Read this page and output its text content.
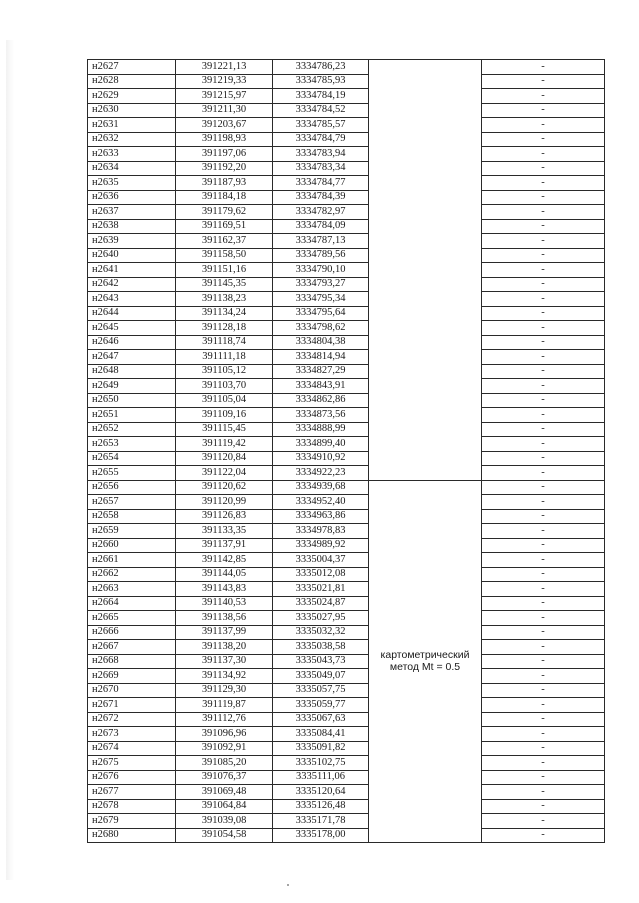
н2627	391221,13	3334786,23		-
н2628	391219,33	3334785,93		-
н2629	391215,97	3334784,19		-
н2630	391211,30	3334784,52		-
н2631	391203,67	3334785,57		-
н2632	391198,93	3334784,79		-
н2633	391197,06	3334783,94		-
н2634	391192,20	3334783,34		-
н2635	391187,93	3334784,77		-
н2636	391184,18	3334784,39		-
н2637	391179,62	3334782,97		-
н2638	391169,51	3334784,09		-
н2639	391162,37	3334787,13		-
н2640	391158,50	3334789,56		-
н2641	391151,16	3334790,10		-
н2642	391145,35	3334793,27		-
н2643	391138,23	3334795,34		-
н2644	391134,24	3334795,64		-
н2645	391128,18	3334798,62		-
н2646	391118,74	3334804,38		-
н2647	391111,18	3334814,94		-
н2648	391105,12	3334827,29		-
н2649	391103,70	3334843,91		-
н2650	391105,04	3334862,86		-
н2651	391109,16	3334873,56		-
н2652	391115,45	3334888,99		-
н2653	391119,42	3334899,40		-
н2654	391120,84	3334910,92		-
н2655	391122,04	3334922,23		-
н2656	391120,62	3334939,68	картометрический метод Mt = 0.5	-
н2657	391120,99	3334952,40		-
н2658	391126,83	3334963,86		-
н2659	391133,35	3334978,83		-
н2660	391137,91	3334989,92		-
н2661	391142,85	3335004,37		-
н2662	391144,05	3335012,08		-
н2663	391143,83	3335021,81		-
н2664	391140,53	3335024,87		-
н2665	391138,56	3335027,95		-
н2666	391137,99	3335032,32		-
н2667	391138,20	3335038,58		-
н2668	391137,30	3335043,73		-
н2669	391134,92	3335049,07		-
н2670	391129,30	3335057,75		-
н2671	391119,87	3335059,77		-
н2672	391112,76	3335067,63		-
н2673	391096,96	3335084,41		-
н2674	391092,91	3335091,82		-
н2675	391085,20	3335102,75		-
н2676	391076,37	3335111,06		-
н2677	391069,48	3335120,64		-
н2678	391064,84	3335126,48		-
н2679	391039,08	3335171,78		-
н2680	391054,58	3335178,00		-
